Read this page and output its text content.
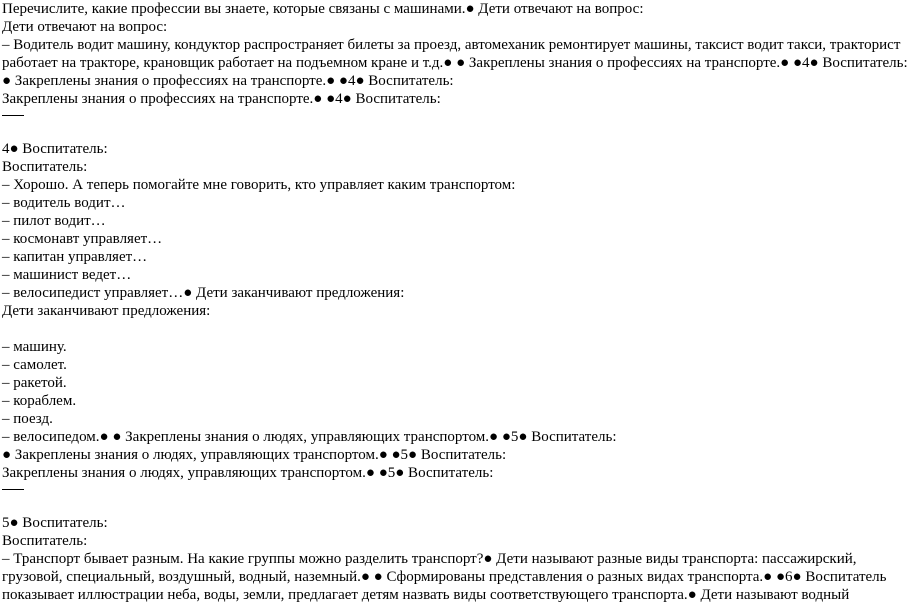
Перечислите, какие профессии вы знаете, которые связаны с машинами.● Дети отвечают на вопрос:
Дети отвечают на вопрос:
– Водитель водит машину, кондуктор распространяет билеты за проезд, автомеханик ремонтирует машины, таксист водит такси, тракторист
работает на тракторе, крановщик работает на подъемном кране и т.д.● ● Закреплены знания о профессиях на транспорте.● ●4● Воспитатель:
● Закреплены знания о профессиях на транспорте.● ●4● Воспитатель:
Закреплены знания о профессиях на транспорте.● ●4● Воспитатель:
4● Воспитатель:
Воспитатель:
– Хорошо. А теперь помогайте мне говорить, кто управляет каким транспортом:
– водитель водит…
– пилот водит…
– космонавт управляет…
– капитан управляет…
– машинист ведет…
– велосипедист управляет…● Дети заканчивают предложения:
Дети заканчивают предложения:
– машину.
– самолет.
– ракетой.
– кораблем.
– поезд.
– велосипедом.● ● Закреплены знания о людях, управляющих транспортом.● ●5● Воспитатель:
● Закреплены знания о людях, управляющих транспортом.● ●5● Воспитатель:
Закреплены знания о людях, управляющих транспортом.● ●5● Воспитатель:
5● Воспитатель:
Воспитатель:
– Транспорт бывает разным. На какие группы можно разделить транспорт?● Дети называют разные виды транспорта: пассажирский,
грузовой, специальный, воздушный, водный, наземный.● ● Сформированы представления о разных видах транспорта.● ●6● Воспитатель
показывает иллюстрации неба, воды, земли, предлагает детям назвать виды соответствующего транспорта.● Дети называют водный
